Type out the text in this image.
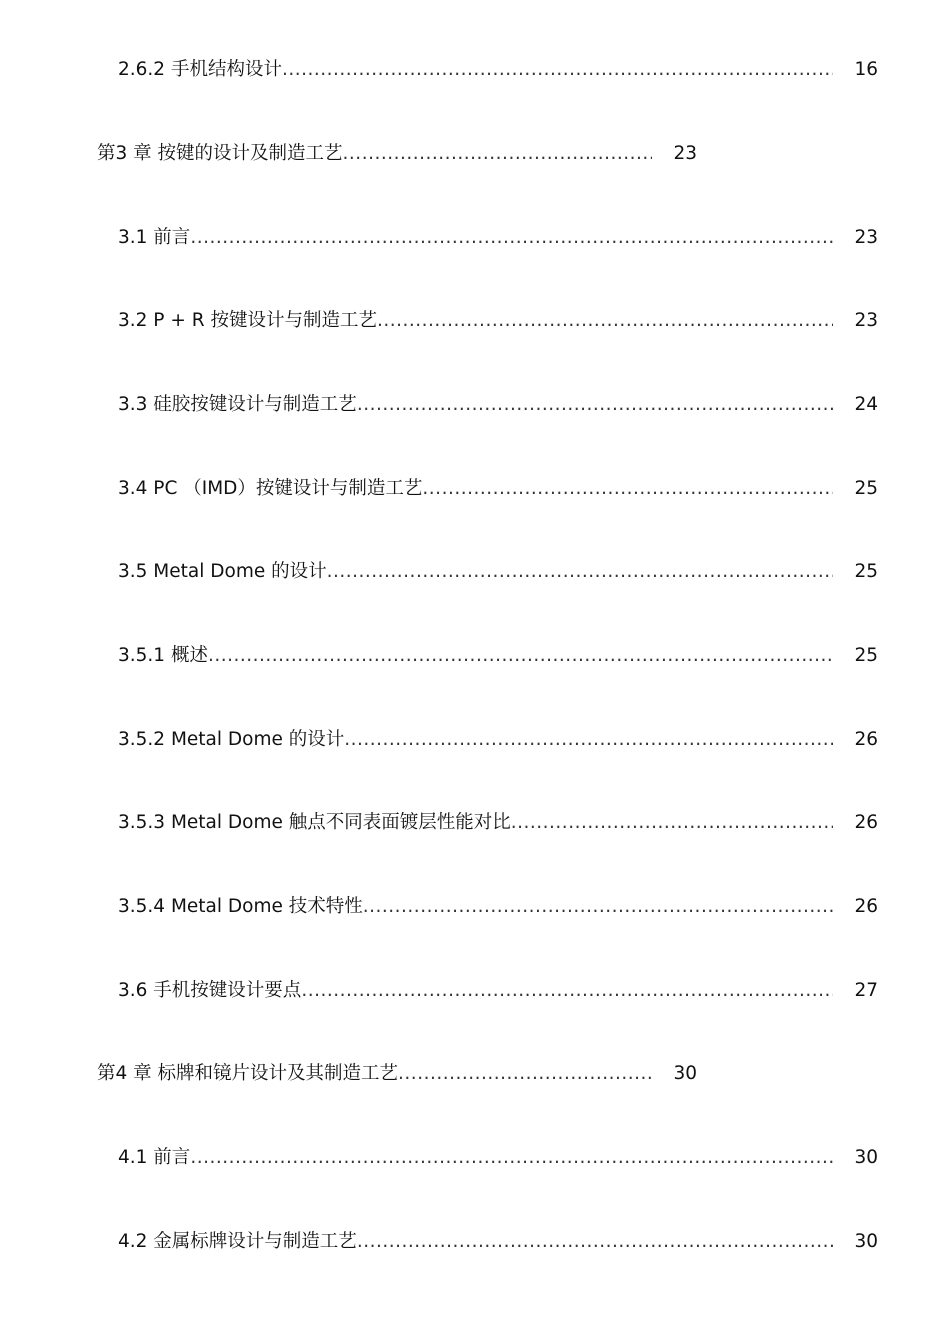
2.6.2 手机结构设计 .....	16
第3 章 按键的设计及制造工艺 .....	23
3.1 前言 .....	23
3.2 P + R 按键设计与制造工艺 .....	23
3.3 硅胶按键设计与制造工艺 .....	24
3.4 PC （IMD）按键设计与制造工艺 .....	25
3.5 Metal Dome 的设计 .....	25
3.5.1 概述 .....	25
3.5.2 Metal Dome 的设计 .....	26
3.5.3 Metal Dome 触点不同表面镀层性能对比 .....	26
3.5.4 Metal Dome 技术特性 .....	26
3.6 手机按键设计要点 .....	27
第4 章 标牌和镜片设计及其制造工艺 .....	30
4.1 前言 .....	30
4.2 金属标牌设计与制造工艺 .....	30
